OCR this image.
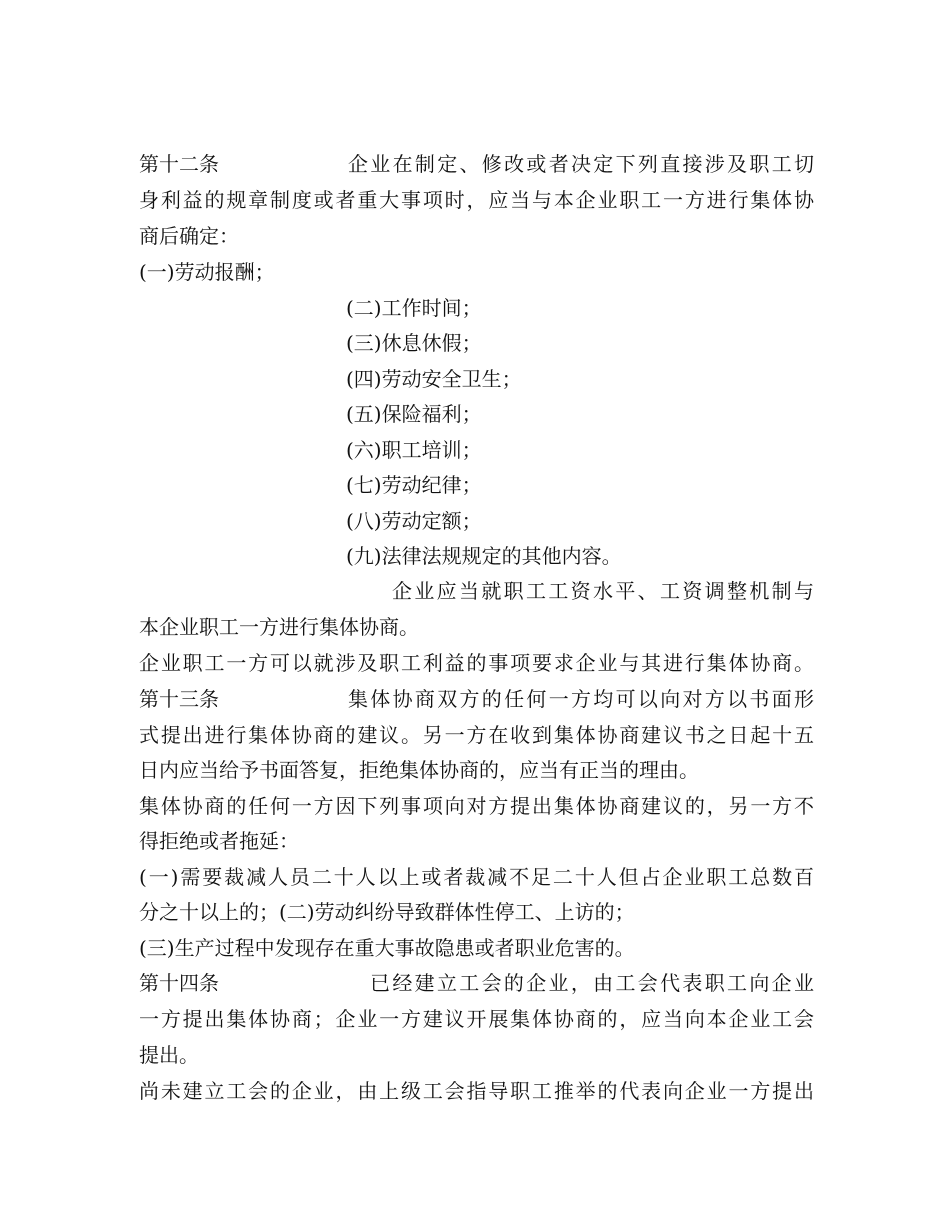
第十二条	企业在制定、修改或者决定下列直接涉及职工切
身利益的规章制度或者重大事项时，应当与本企业职工一方进行集体协
商后确定：
(一)劳动报酬；
(二)工作时间；
(三)休息休假；
(四)劳动安全卫生；
(五)保险福利；
(六)职工培训；
(七)劳动纪律；
(八)劳动定额；
(九)法律法规规定的其他内容。
企业应当就职工工资水平、工资调整机制与
本企业职工一方进行集体协商。
企业职工一方可以就涉及职工利益的事项要求企业与其进行集体协商。
第十三条	集体协商双方的任何一方均可以向对方以书面形
式提出进行集体协商的建议。另一方在收到集体协商建议书之日起十五
日内应当给予书面答复，拒绝集体协商的，应当有正当的理由。
集体协商的任何一方因下列事项向对方提出集体协商建议的，另一方不
得拒绝或者拖延：
(一)需要裁减人员二十人以上或者裁减不足二十人但占企业职工总数百
分之十以上的；(二)劳动纠纷导致群体性停工、上访的；
(三)生产过程中发现存在重大事故隐患或者职业危害的。
第十四条	已经建立工会的企业，由工会代表职工向企业
一方提出集体协商；企业一方建议开展集体协商的，应当向本企业工会
提出。
尚未建立工会的企业，由上级工会指导职工推举的代表向企业一方提出
